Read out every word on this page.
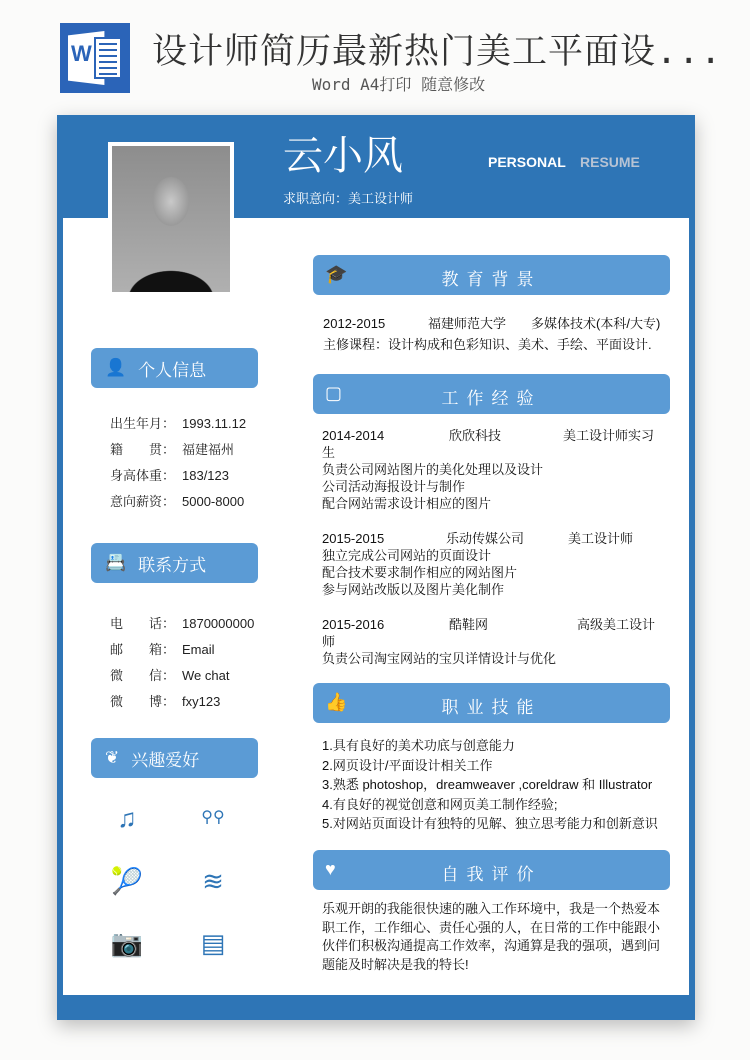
W 设计师简历最新热门美工平面设...
Word A4打印 随意修改
云小风
求职意向：美工设计师
PERSONAL RESUME
👤 个人信息
出生年月： 1993.11.12
籍　　贯： 福建福州
身高体重： 183/123
意向薪资： 5000-8000
📇 联系方式
电　　话： 1870000000
邮　　箱： Email
微　　信： We chat
微　　博： fxy123
❦ 兴趣爱好
♫	⚲⚲
🎾	≋
📷 ▤
🎓	教育背景
2012-2015	福建师范大学	多媒体技术(本科/大专)
主修课程：设计构成和色彩知识、美术、手绘、平面设计.
▢	工作经验
2014-2014	欣欣科技	美工设计师实习
生
负责公司网站图片的美化处理以及设计
公司活动海报设计与制作
配合网站需求设计相应的图片
2015-2015	乐动传媒公司	美工设计师
独立完成公司网站的页面设计
配合技术要求制作相应的网站图片
参与网站改版以及图片美化制作
2015-2016	酷鞋网	高级美工设计
师
负责公司淘宝网站的宝贝详情设计与优化
👍	职业技能
1.具有良好的美术功底与创意能力
2.网页设计/平面设计相关工作
3.熟悉 photoshop，dreamweaver ,coreldraw 和 Illustrator
4.有良好的视觉创意和网页美工制作经验;
5.对网站页面设计有独特的见解、独立思考能力和创新意识
♥	自我评价
乐观开朗的我能很快速的融入工作环境中，我是一个热爱本职工作，工作细心、责任心强的人，在日常的工作中能跟小伙伴们积极沟通提高工作效率，沟通算是我的强项，遇到问题能及时解决是我的特长!
